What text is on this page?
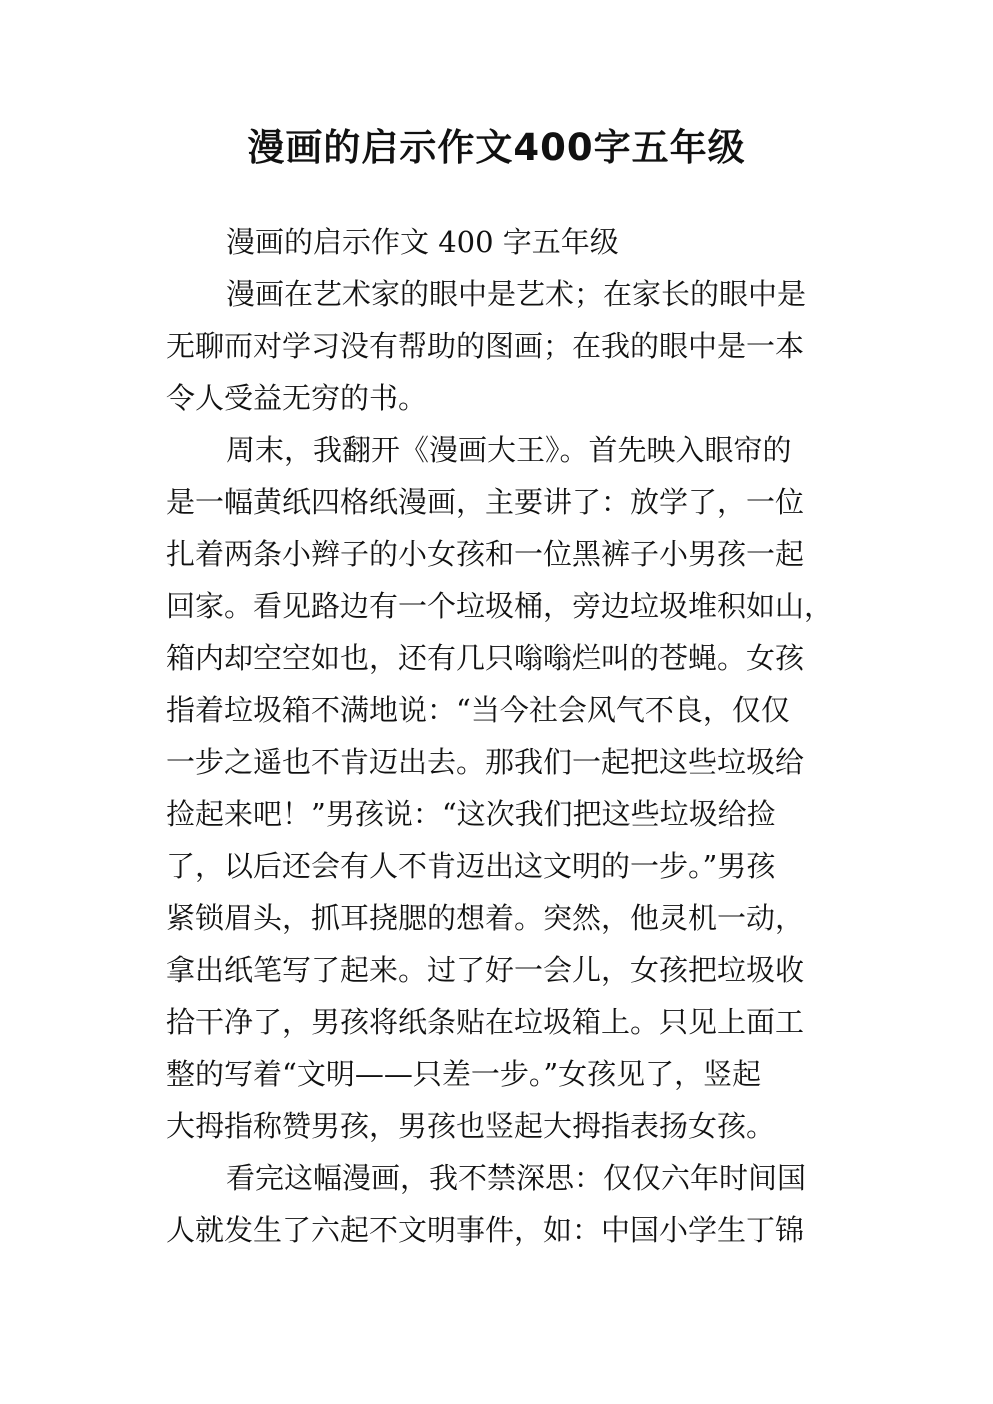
漫画的启示作文400字五年级
漫画的启示作文 400 字五年级
漫画在艺术家的眼中是艺术；在家长的眼中是
无聊而对学习没有帮助的图画；在我的眼中是一本
令人受益无穷的书。
周末，我翻开《漫画大王》。首先映入眼帘的
是一幅黄纸四格纸漫画，主要讲了：放学了，一位
扎着两条小辫子的小女孩和一位黑裤子小男孩一起
回家。看见路边有一个垃圾桶，旁边垃圾堆积如山，
箱内却空空如也，还有几只嗡嗡烂叫的苍蝇。女孩
指着垃圾箱不满地说：“当今社会风气不良，仅仅
一步之遥也不肯迈出去。那我们一起把这些垃圾给
捡起来吧！”男孩说：“这次我们把这些垃圾给捡
了，以后还会有人不肯迈出这文明的一步。”男孩
紧锁眉头，抓耳挠腮的想着。突然，他灵机一动，
拿出纸笔写了起来。过了好一会儿，女孩把垃圾收
拾干净了，男孩将纸条贴在垃圾箱上。只见上面工
整的写着“文明——只差一步。”女孩见了，竖起
大拇指称赞男孩，男孩也竖起大拇指表扬女孩。
看完这幅漫画，我不禁深思：仅仅六年时间国
人就发生了六起不文明事件，如：中国小学生丁锦
